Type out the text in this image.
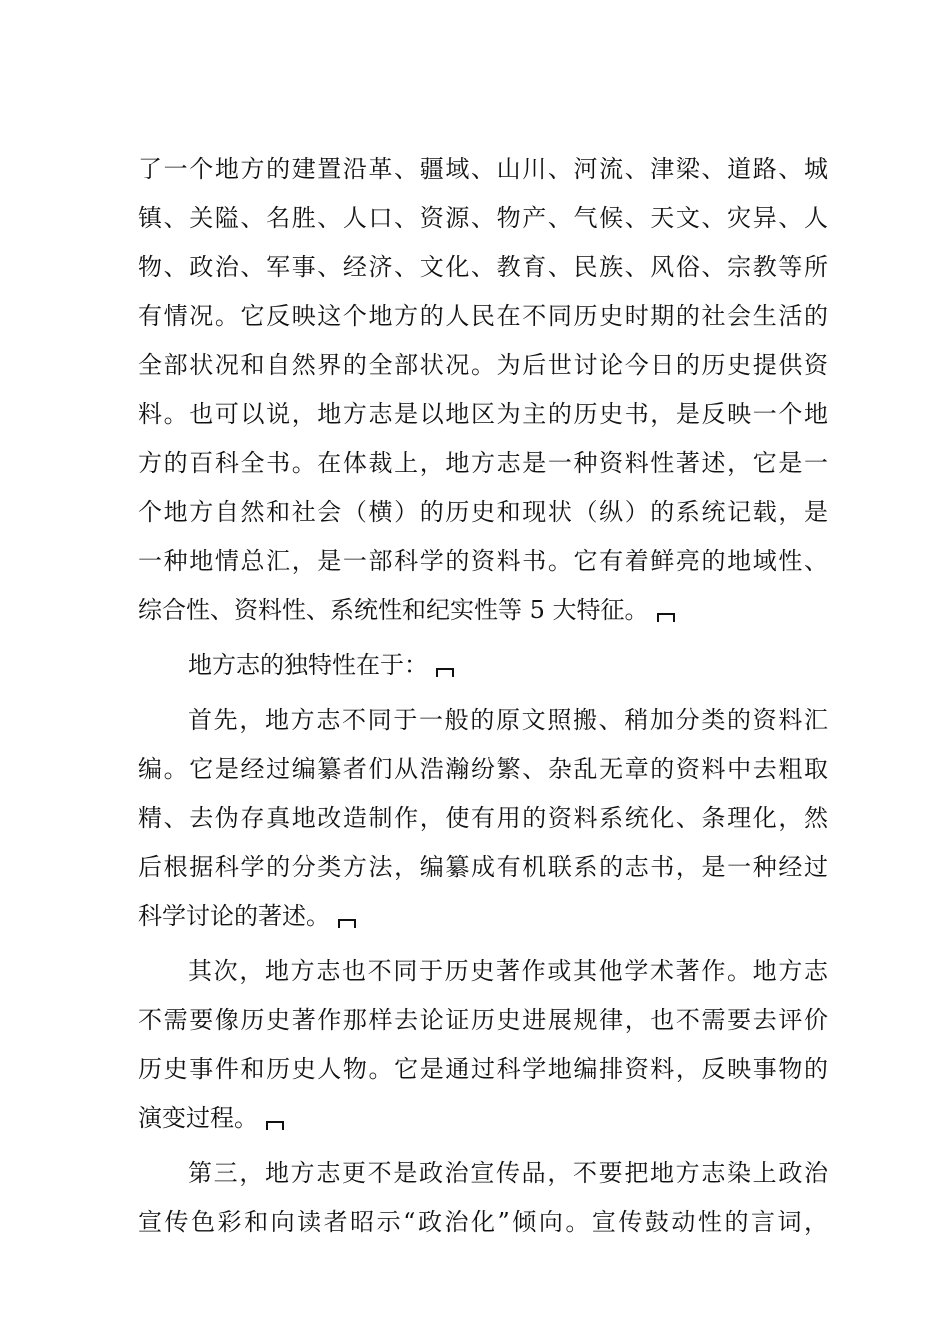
了一个地方的建置沿革、疆域、山川、河流、津梁、道路、城
镇、关隘、名胜、人口、资源、物产、气候、天文、灾异、人
物、政治、军事、经济、文化、教育、民族、风俗、宗教等所
有情况。它反映这个地方的人民在不同历史时期的社会生活的
全部状况和自然界的全部状况。为后世讨论今日的历史提供资
料。也可以说，地方志是以地区为主的历史书，是反映一个地
方的百科全书。在体裁上，地方志是一种资料性著述，它是一
个地方自然和社会（横）的历史和现状（纵）的系统记载，是
一种地情总汇，是一部科学的资料书。它有着鲜亮的地域性、
综合性、资料性、系统性和纪实性等 5 大特征。
地方志的独特性在于：
首先，地方志不同于一般的原文照搬、稍加分类的资料汇
编。它是经过编纂者们从浩瀚纷繁、杂乱无章的资料中去粗取
精、去伪存真地改造制作，使有用的资料系统化、条理化，然
后根据科学的分类方法，编纂成有机联系的志书，是一种经过
科学讨论的著述。
其次，地方志也不同于历史著作或其他学术著作。地方志
不需要像历史著作那样去论证历史进展规律，也不需要去评价
历史事件和历史人物。它是通过科学地编排资料，反映事物的
演变过程。
第三，地方志更不是政治宣传品，不要把地方志染上政治
宣传色彩和向读者昭示“政治化”倾向。宣传鼓动性的言词，
